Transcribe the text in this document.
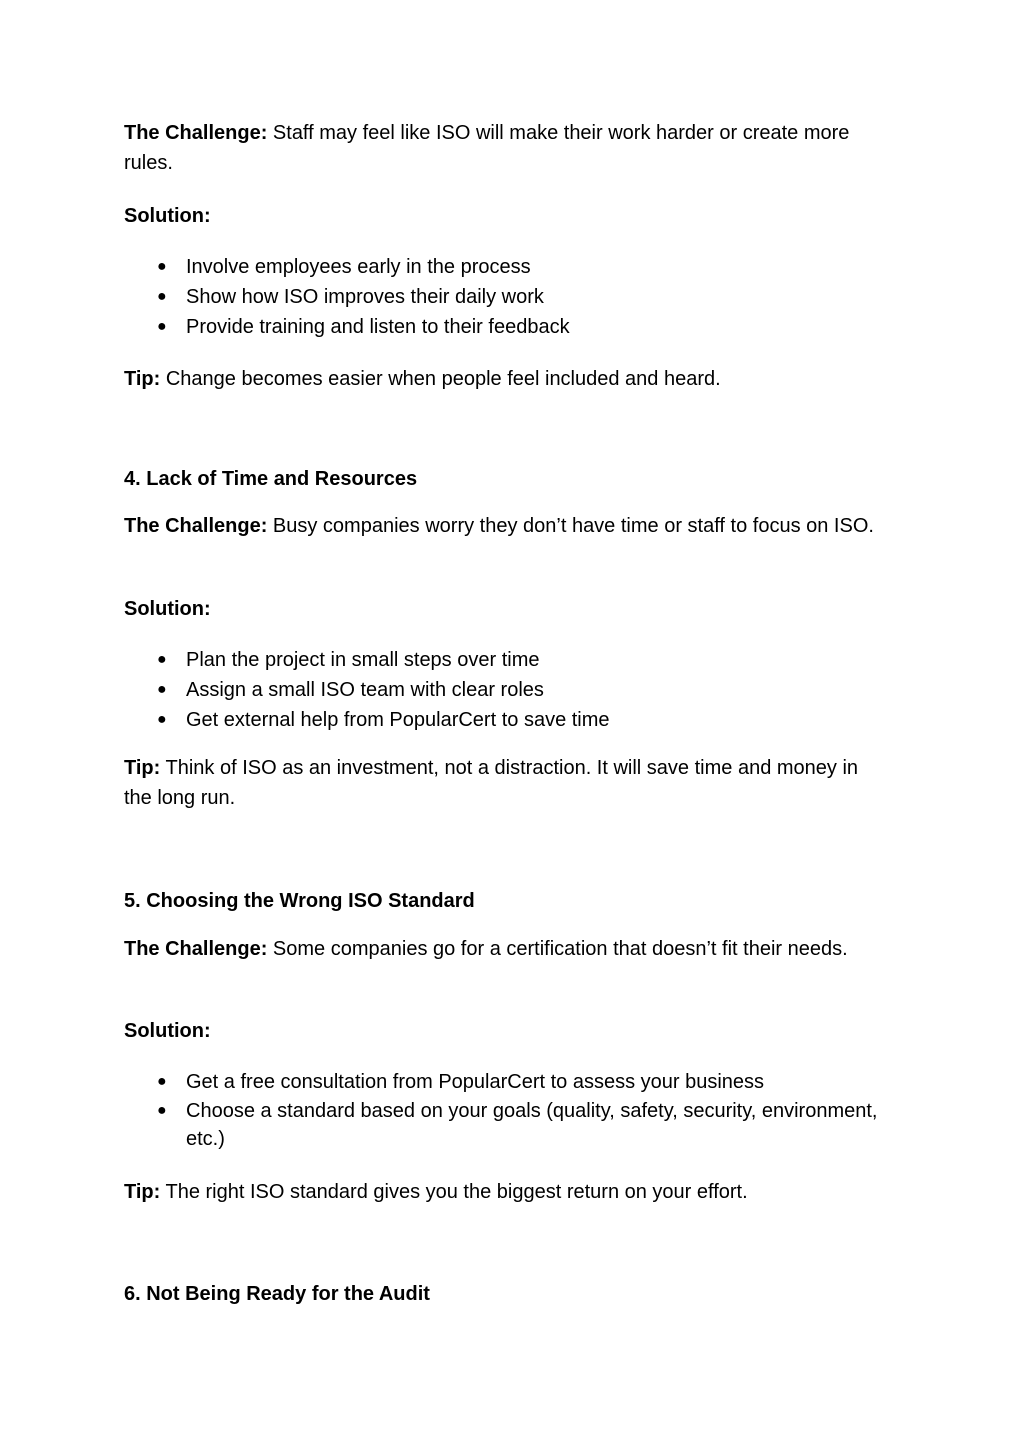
The Challenge: Staff may feel like ISO will make their work harder or create more rules.

Solution:

● Involve employees early in the process
● Show how ISO improves their daily work
● Provide training and listen to their feedback

Tip: Change becomes easier when people feel included and heard.

4. Lack of Time and Resources

The Challenge: Busy companies worry they don’t have time or staff to focus on ISO.

Solution:

● Plan the project in small steps over time
● Assign a small ISO team with clear roles
● Get external help from PopularCert to save time

Tip: Think of ISO as an investment, not a distraction. It will save time and money in the long run.

5. Choosing the Wrong ISO Standard

The Challenge: Some companies go for a certification that doesn’t fit their needs.

Solution:

● Get a free consultation from PopularCert to assess your business
● Choose a standard based on your goals (quality, safety, security, environment, etc.)

Tip: The right ISO standard gives you the biggest return on your effort.

6. Not Being Ready for the Audit
